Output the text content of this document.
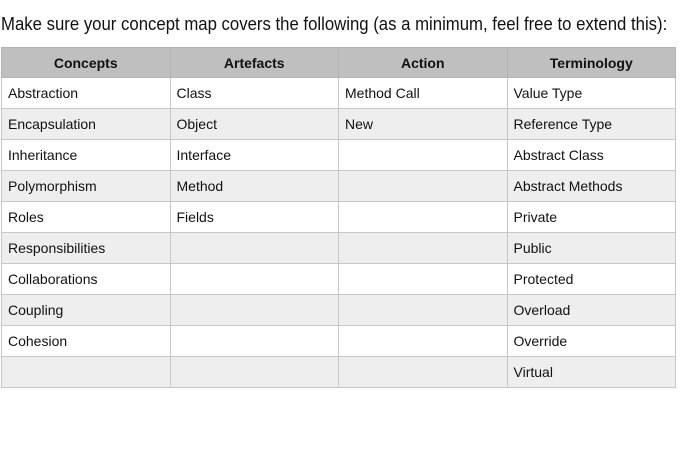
Make sure your concept map covers the following (as a minimum, feel free to extend this):
Concepts	Artefacts	Action	Terminology
Abstraction	Class	Method Call	Value Type
Encapsulation	Object	New	Reference Type
Inheritance	Interface		Abstract Class
Polymorphism	Method		Abstract Methods
Roles	Fields		Private
Responsibilities			Public
Collaborations			Protected
Coupling			Overload
Cohesion			Override
			Virtual
